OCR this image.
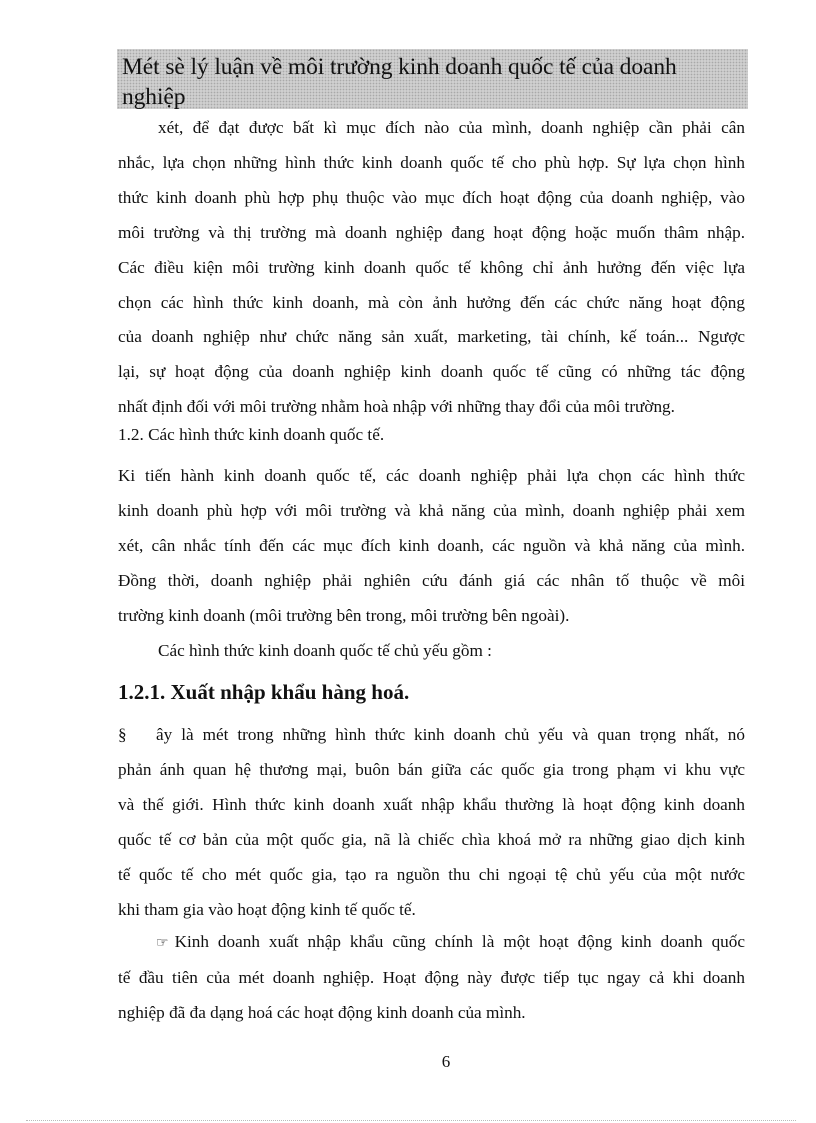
Mét sè lý luận về môi trường kinh doanh quốc tế của doanh
nghiệp
xét, để đạt được bất kì mục đích nào của mình, doanh nghiệp cần phải cân
nhắc, lựa chọn những hình thức kinh doanh quốc tế cho phù hợp. Sự lựa chọn hình
thức kinh doanh phù hợp phụ thuộc vào mục đích hoạt động của doanh nghiệp, vào
môi trường và thị trường mà doanh nghiệp đang hoạt động hoặc muốn thâm nhập.
Các điều kiện môi trường kinh doanh quốc tế không chỉ ảnh hưởng đến việc lựa
chọn các hình thức kinh doanh, mà còn ảnh hưởng đến các chức năng hoạt động
của doanh nghiệp như chức năng sản xuất, marketing, tài chính, kế toán... Ngược
lại, sự hoạt động của doanh nghiệp kinh doanh quốc tế cũng có những tác động
nhất định đối với môi trường nhằm hoà nhập với những thay đổi của môi trường.

1.2. Các hình thức kinh doanh quốc tế.

Ki tiến hành kinh doanh quốc tế, các doanh nghiệp phải lựa chọn các hình thức
kinh doanh phù hợp với môi trường và khả năng của mình, doanh nghiệp phải xem
xét, cân nhắc tính đến các mục đích kinh doanh, các nguồn và khả năng của mình.
Đồng thời, doanh nghiệp phải nghiên cứu đánh giá các nhân tố thuộc về môi
trường kinh doanh (môi trường bên trong, môi trường bên ngoài).

Các hình thức kinh doanh quốc tế chủ yếu gồm :

1.2.1. Xuất nhập khẩu hàng hoá.

§ ây là mét trong những hình thức kinh doanh chủ yếu và quan trọng nhất, nó
phản ánh quan hệ thương mại, buôn bán giữa các quốc gia trong phạm vi khu vực
và thế giới. Hình thức kinh doanh xuất nhập khẩu thường là hoạt động kinh doanh
quốc tế cơ bản của một quốc gia, nã là chiếc chìa khoá mở ra những giao dịch kinh
tế quốc tế cho mét quốc gia, tạo ra nguồn thu chi ngoại tệ chủ yếu của một nước
khi tham gia vào hoạt động kinh tế quốc tế.
☞ Kinh doanh xuất nhập khẩu cũng chính là một hoạt động kinh doanh quốc
tế đầu tiên của mét doanh nghiệp. Hoạt động này được tiếp tục ngay cả khi doanh
nghiệp đã đa dạng hoá các hoạt động kinh doanh của mình.
6
